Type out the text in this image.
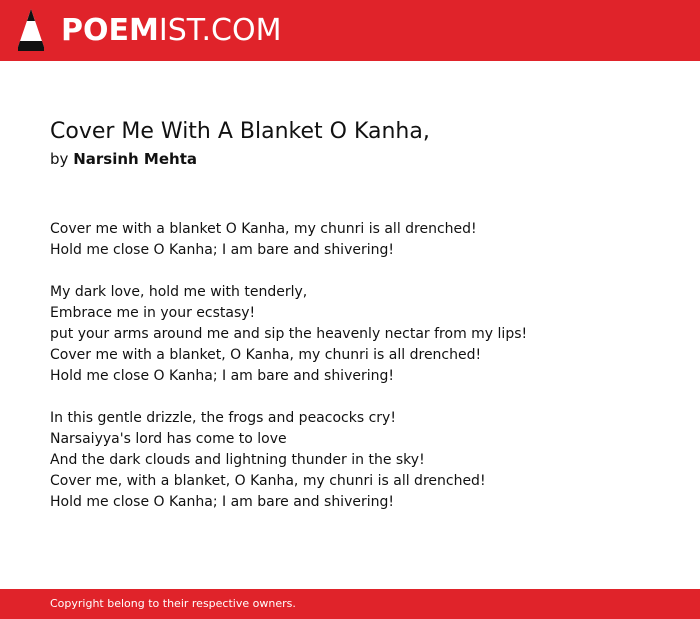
POEMIST.COM
Cover Me With A Blanket O Kanha,
by Narsinh Mehta
Cover me with a blanket O Kanha, my chunri is all drenched!
Hold me close O Kanha; I am bare and shivering!
My dark love, hold me with tenderly,
Embrace me in your ecstasy!
put your arms around me and sip the heavenly nectar from my lips!
Cover me with a blanket, O Kanha, my chunri is all drenched!
Hold me close O Kanha; I am bare and shivering!
In this gentle drizzle, the frogs and peacocks cry!
Narsaiyya's lord has come to love
And the dark clouds and lightning thunder in the sky!
Cover me, with a blanket, O Kanha, my chunri is all drenched!
Hold me close O Kanha; I am bare and shivering!
Copyright belong to their respective owners.
